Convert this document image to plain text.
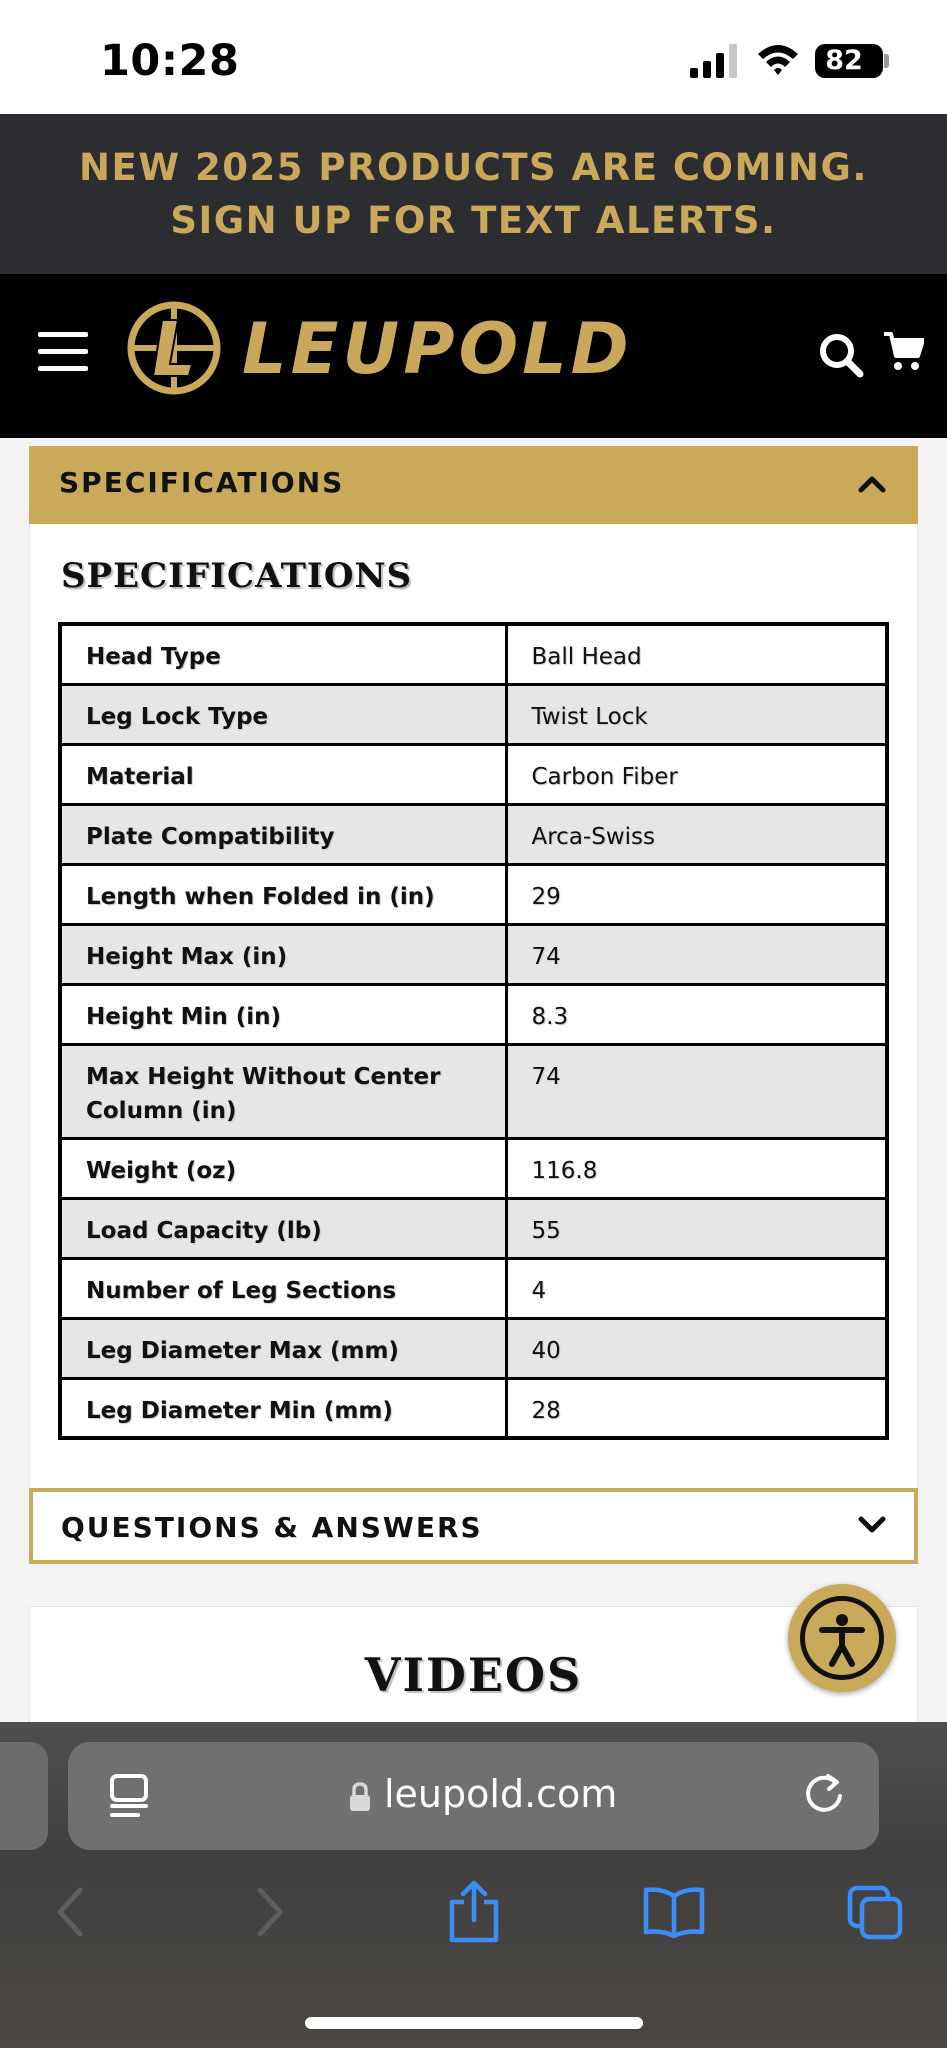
10:28	82
NEW 2025 PRODUCTS ARE COMING. SIGN UP FOR TEXT ALERTS.
LEUPOLD
SPECIFICATIONS
SPECIFICATIONS
Head Type	Ball Head
Leg Lock Type	Twist Lock
Material	Carbon Fiber
Plate Compatibility	Arca-Swiss
Length when Folded in (in)	29
Height Max (in)	74
Height Min (in)	8.3
Max Height Without Center Column (in)	74
Weight (oz)	116.8
Load Capacity (lb)	55
Number of Leg Sections	4
Leg Diameter Max (mm)	40
Leg Diameter Min (mm)	28
QUESTIONS & ANSWERS
VIDEOS
leupold.com
